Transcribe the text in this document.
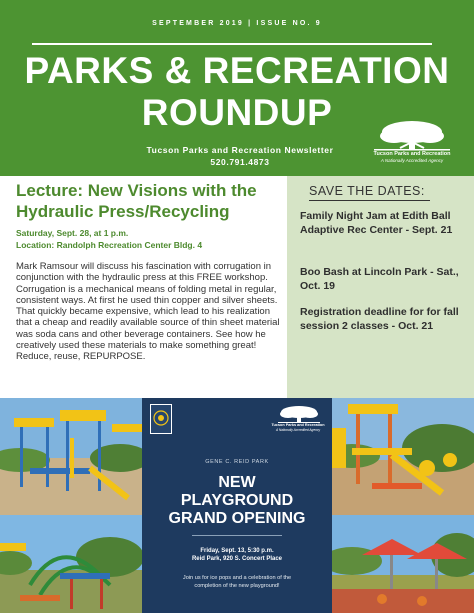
SEPTEMBER 2019 | ISSUE NO. 9
PARKS & RECREATION
ROUNDUP
Tucson Parks and Recreation Newsletter
520.791.4873
Tucson Parks and Recreation
A Nationally Accredited Agency
Lecture: New Visions with the Hydraulic Press/Recycling
Saturday, Sept. 28, at 1 p.m.
Location: Randolph Recreation Center Bldg. 4
Mark Ramsour will discuss his fascination with corrugation in conjunction with the hydraulic press at this FREE workshop. Corrugation is a mechanical means of folding metal in regular, consistent ways. At first he used thin copper and silver sheets. That quickly became expensive, which lead to his realization that a cheap and readily available source of thin sheet material was soda cans and other beverage containers. See how he creatively used these materials to make something great!
Reduce, reuse, REPURPOSE.
SAVE THE DATES:
Family Night Jam at Edith Ball Adaptive Rec Center - Sept. 21
Boo Bash at Lincoln Park - Sat., Oct. 19
Registration deadline for for fall session 2 classes - Oct. 21
Tucson Parks and Recreation
A Nationally Accredited Agency
GENE C. REID PARK
NEW
PLAYGROUND
GRAND OPENING
Friday, Sept. 13, 5:30 p.m.
Reid Park, 920 S. Concert Place
Join us for ice pops and a celebration of the completion of the new playground!
